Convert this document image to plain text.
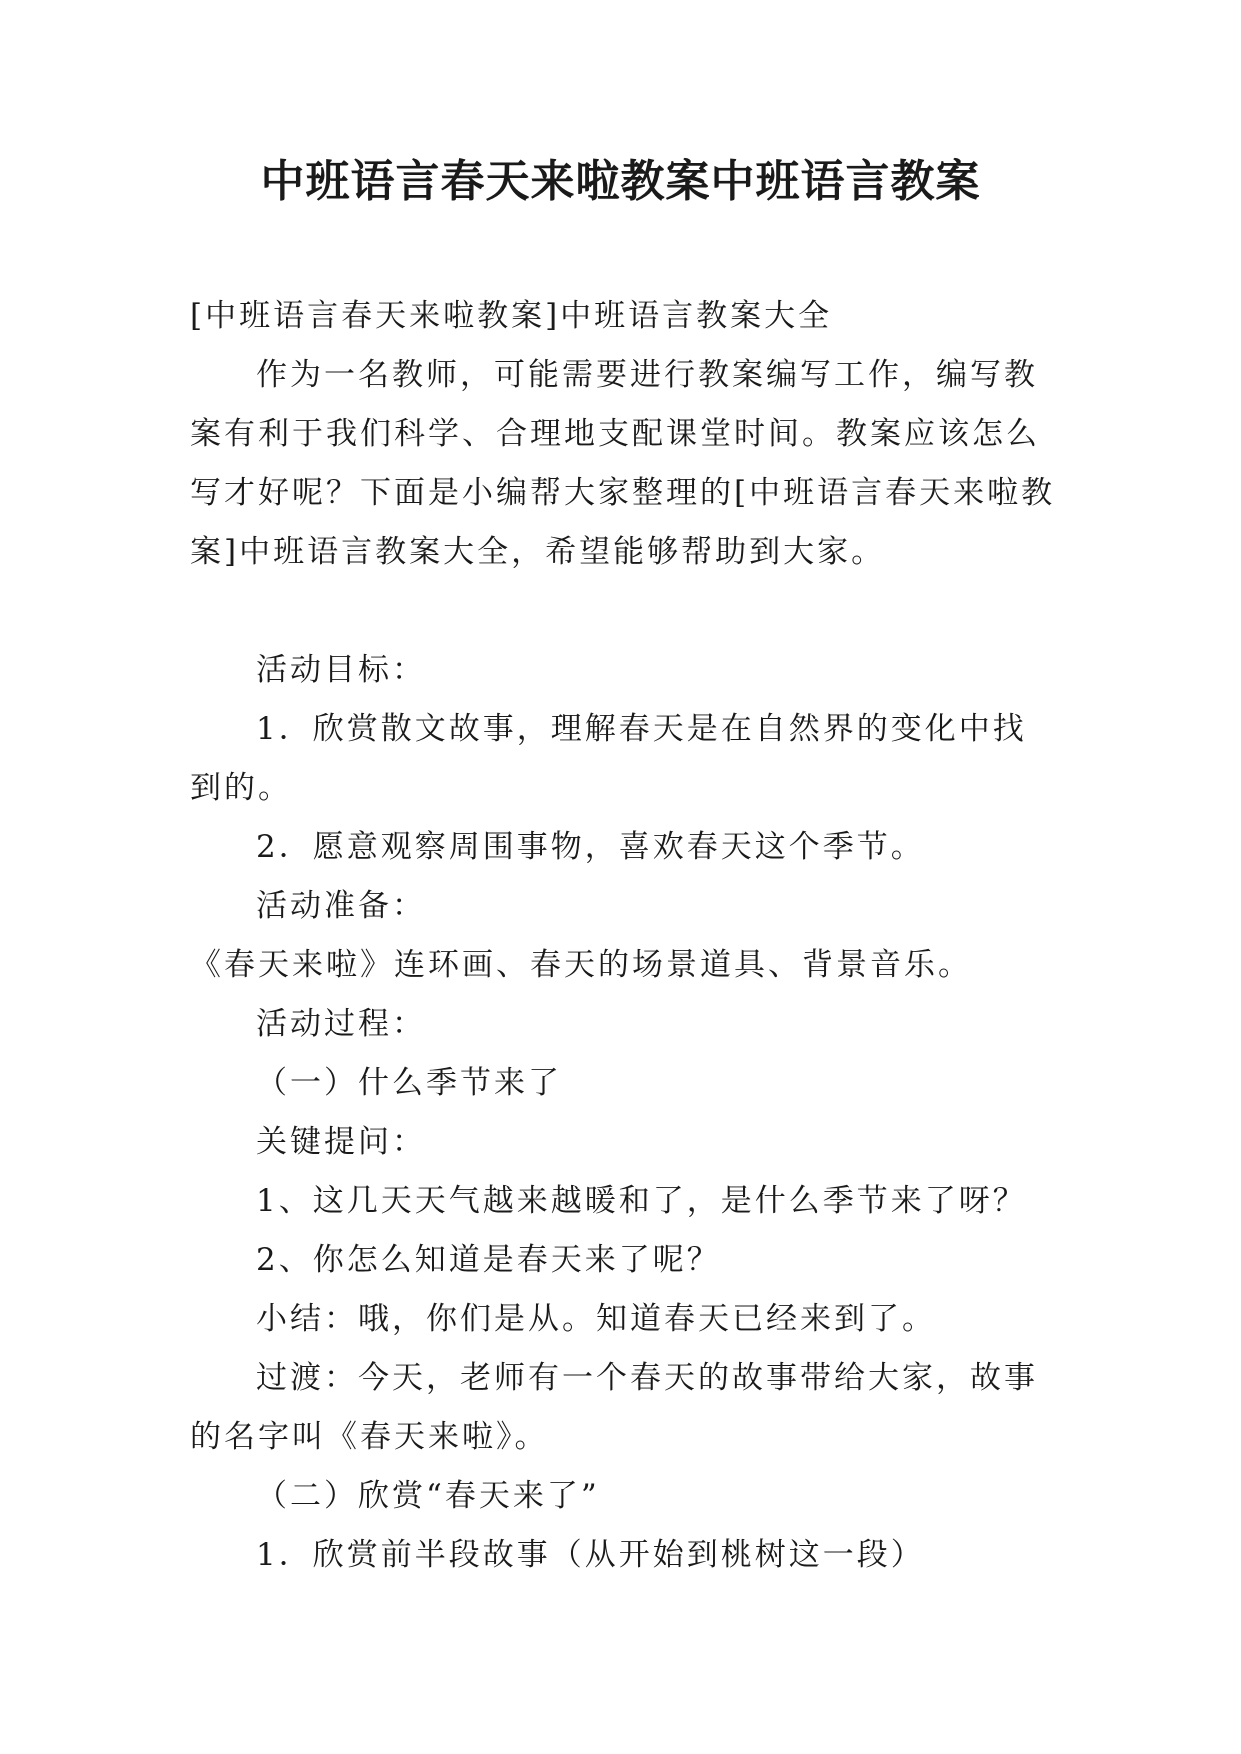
中班语言春天来啦教案中班语言教案

[中班语言春天来啦教案]中班语言教案大全

作为一名教师，可能需要进行教案编写工作，编写教案有利于我们科学、合理地支配课堂时间。教案应该怎么写才好呢？下面是小编帮大家整理的[中班语言春天来啦教案]中班语言教案大全，希望能够帮助到大家。

活动目标：

1．欣赏散文故事，理解春天是在自然界的变化中找到的。

2．愿意观察周围事物，喜欢春天这个季节。

活动准备：

《春天来啦》连环画、春天的场景道具、背景音乐。

活动过程：

（一）什么季节来了

关键提问：

1、这几天天气越来越暖和了，是什么季节来了呀？

2、你怎么知道是春天来了呢？

小结：哦，你们是从。知道春天已经来到了。

过渡：今天，老师有一个春天的故事带给大家，故事的名字叫《春天来啦》。

（二）欣赏“春天来了”

1．欣赏前半段故事（从开始到桃树这一段）
